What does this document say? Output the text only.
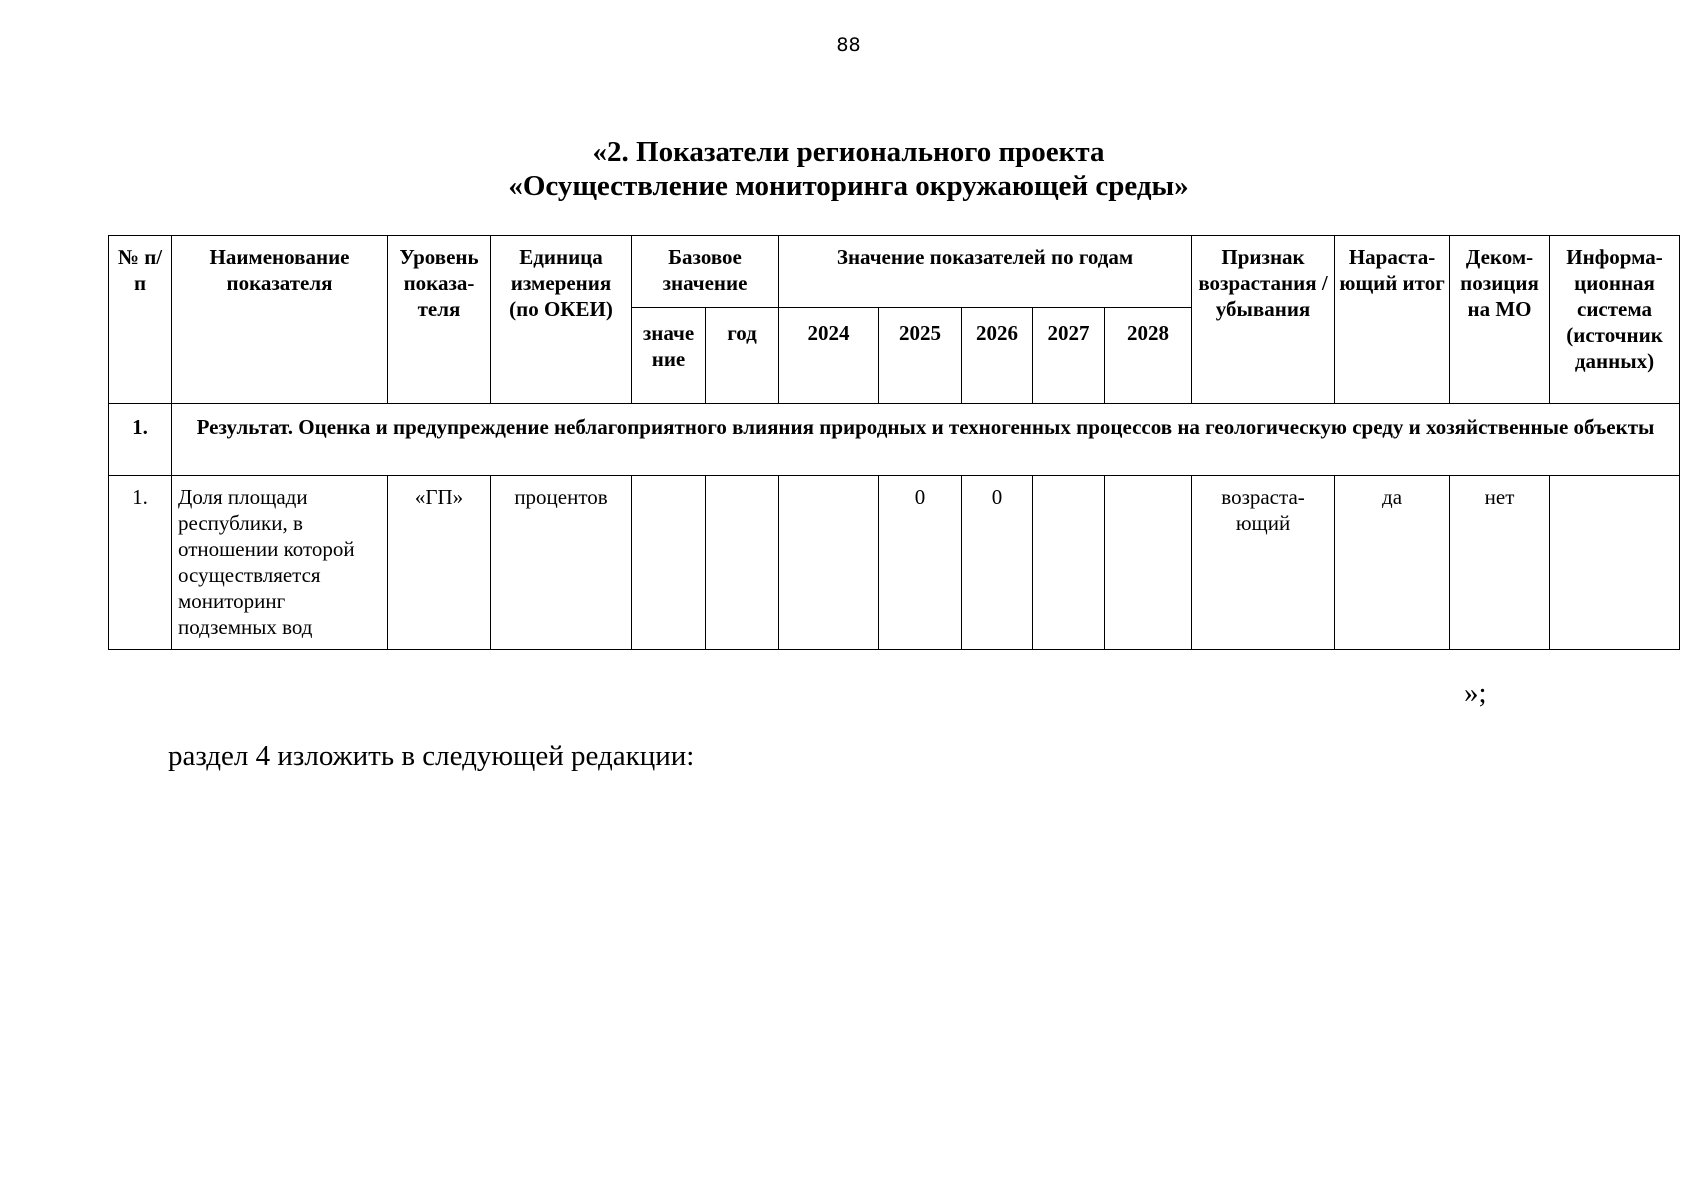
88
«2. Показатели регионального проекта
«Осуществление мониторинга окружающей среды»
№ п/п	Наименование показателя	Уровень показа-теля	Единица измерения (по ОКЕИ)	Базовое значение		Значение показателей по годам					Признак возрастания / убывания	Нараста-ющий итог	Деком-позиция на МО	Информа-ционная система (источник данных)
				значе ние	год	2024	2025	2026	2027	2028				
1.	Результат. Оценка и предупреждение неблагоприятного влияния природных и техногенных процессов на геологическую среду и хозяйственные объекты													
1.	Доля площади республики, в отношении которой осуществляется мониторинг подземных вод	«ГП»	процентов				0	0			возраста-ющий	да	нет	
»;
раздел 4 изложить в следующей редакции:
